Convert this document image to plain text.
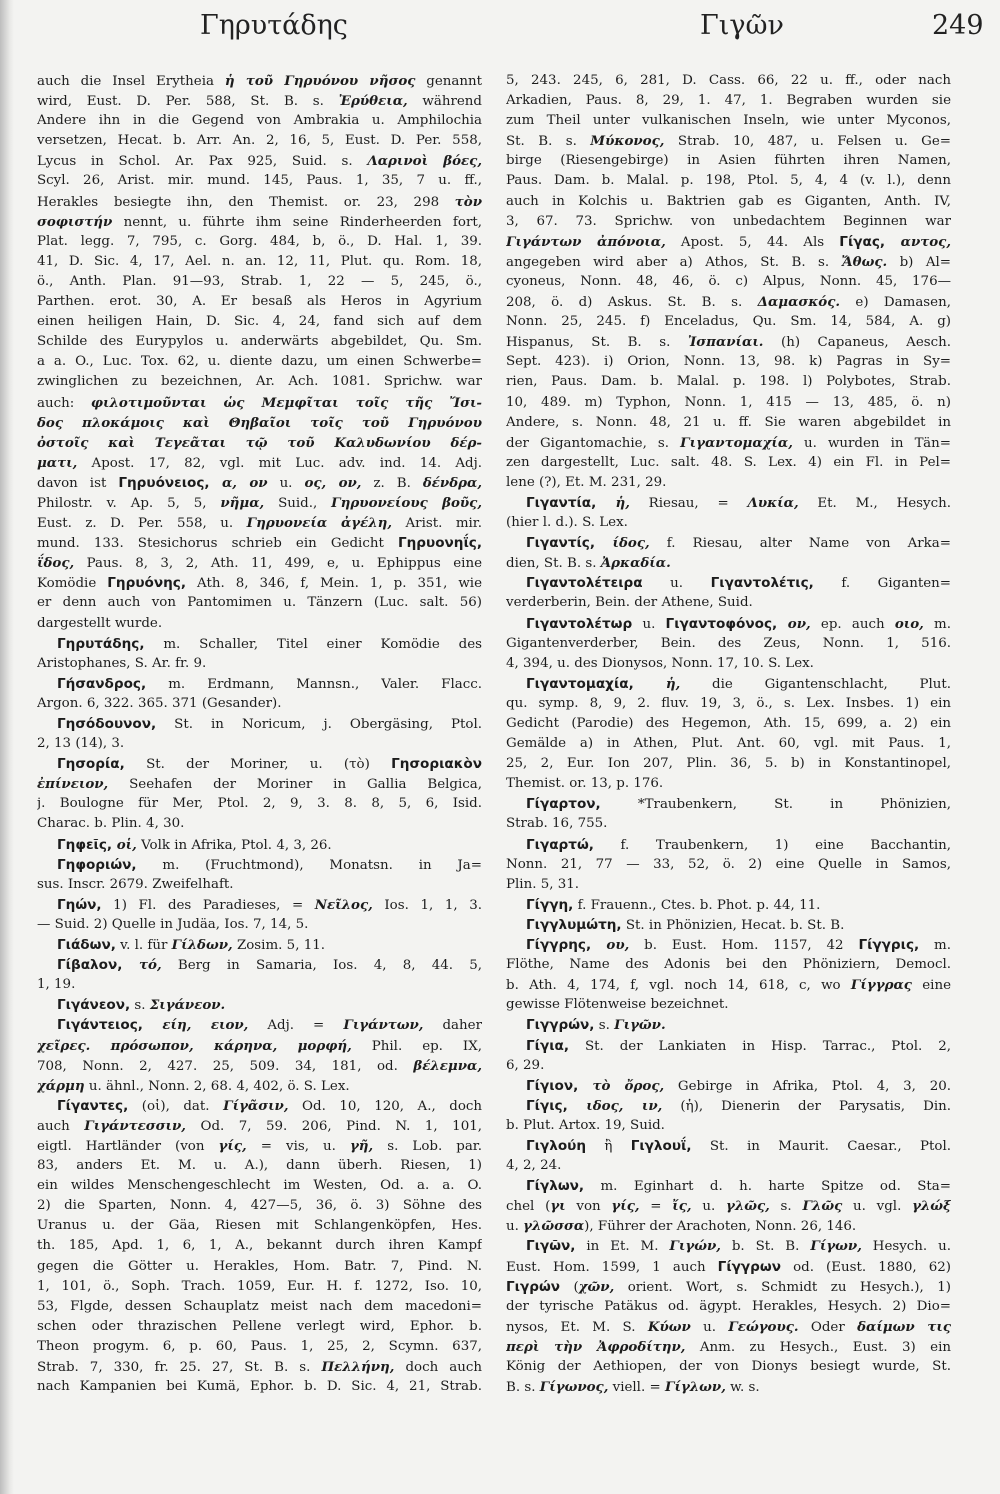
Γηρυτάδης	Γιγῶν	249
auch die Insel Erytheia ἡ τοῦ Γηρυόνου νῆσος genannt
wird, Eust. D. Per. 588, St. B. s. Ἐρύθεια, während
Andere ihn in die Gegend von Ambrakia u. Amphilochia
versetzen, Hecat. b. Arr. An. 2, 16, 5, Eust. D. Per. 558,
Lycus in Schol. Ar. Pax 925, Suid. s. Λαρινοὶ βόες,
Scyl. 26, Arist. mir. mund. 145, Paus. 1, 35, 7 u. ff.,
Herakles besiegte ihn, den Themist. or. 23, 298 τὸν
σοφιστήν nennt, u. führte ihm seine Rinderheerden fort,
Plat. legg. 7, 795, c. Gorg. 484, b, ö., D. Hal. 1, 39.
41, D. Sic. 4, 17, Ael. n. an. 12, 11, Plut. qu. Rom. 18,
ö., Anth. Plan. 91—93, Strab. 1, 22 — 5, 245, ö.,
Parthen. erot. 30, A. Er besaß als Heros in Agyrium
einen heiligen Hain, D. Sic. 4, 24, fand sich auf dem
Schilde des Eurypylos u. anderwärts abgebildet, Qu. Sm.
a a. O., Luc. Tox. 62, u. diente dazu, um einen Schwerbe=
zwinglichen zu bezeichnen, Ar. Ach. 1081. Sprichw. war
auch: φιλοτιμοῦνται ὡς Μεμφῖται τοῖς τῆς Ἴσι-
δος πλοκάμοις καὶ Θηβαῖοι τοῖς τοῦ Γηρυόνου
ὀστοῖς καὶ Τεγεᾶται τῷ τοῦ Καλυδωνίου δέρ-
ματι, Apost. 17, 82, vgl. mit Luc. adv. ind. 14. Adj.
davon ist Γηρυόνειος, α, ον u. ος, ον, z. B. δένδρα,
Philostr. v. Ap. 5, 5, νῆμα, Suid., Γηρυονείους βοῦς,
Eust. z. D. Per. 558, u. Γηρυονεία ἀγέλη, Arist. mir.
mund. 133. Stesichorus schrieb ein Gedicht Γηρυονηΐς,
ΐδος, Paus. 8, 3, 2, Ath. 11, 499, e, u. Ephippus eine
Komödie Γηρυόνης, Ath. 8, 346, f, Mein. 1, p. 351, wie
er denn auch von Pantomimen u. Tänzern (Luc. salt. 56)
dargestellt wurde.
Γηρυτάδης, m. Schaller, Titel einer Komödie des
Aristophanes, S. Ar. fr. 9.
Γήσανδρος, m. Erdmann, Mannsn., Valer. Flacc.
Argon. 6, 322. 365. 371 (Gesander).
Γησόδουνον, St. in Noricum, j. Obergäsing, Ptol.
2, 13 (14), 3.
Γησορία, St. der Moriner, u. (τὸ) Γησοριακὸν
ἐπίνειον, Seehafen der Moriner in Gallia Belgica,
j. Boulogne für Mer, Ptol. 2, 9, 3. 8. 8, 5, 6, Isid.
Charac. b. Plin. 4, 30.
Γηφεῖς, οἱ, Volk in Afrika, Ptol. 4, 3, 26.
Γηφοριών, m. (Fruchtmond), Monatsn. in Ja=
sus. Inscr. 2679. Zweifelhaft.
Γηών, 1) Fl. des Paradieses, = Νεῖλος, Ios. 1, 1, 3.
— Suid. 2) Quelle in Judäa, Ios. 7, 14, 5.
Γιάδων, v. l. für Γίλδων, Zosim. 5, 11.
Γίβαλον, τό, Berg in Samaria, Ios. 4, 8, 44. 5,
1, 19.
Γιγάνεον, s. Σιγάνεον.
Γιγάντειος, είη, ειον, Adj. = Γιγάντων, daher
χεῖρες. πρόσωπον, κάρηνα, μορφή, Phil. ep. IX,
708, Nonn. 2, 427. 25, 509. 34, 181, od. βέλεμνα,
χάρμη u. ähnl., Nonn. 2, 68. 4, 402, ö. S. Lex.
Γίγαντες, (οἱ), dat. Γίγᾶσιν, Od. 10, 120, A., doch
auch Γιγάντεσσιν, Od. 7, 59. 206, Pind. N. 1, 101,
eigtl. Hartländer (von γίς, = vis, u. γῆ, s. Lob. par.
83, anders Et. M. u. A.), dann überh. Riesen, 1)
ein wildes Menschengeschlecht im Westen, Od. a. a. O.
2) die Sparten, Nonn. 4, 427—5, 36, ö. 3) Söhne des
Uranus u. der Gäa, Riesen mit Schlangenköpfen, Hes.
th. 185, Apd. 1, 6, 1, A., bekannt durch ihren Kampf
gegen die Götter u. Herakles, Hom. Batr. 7, Pind. N.
1, 101, ö., Soph. Trach. 1059, Eur. H. f. 1272, Iso. 10,
53, Flgde, dessen Schauplatz meist nach dem macedoni=
schen oder thrazischen Pellene verlegt wird, Ephor. b.
Theon progym. 6, p. 60, Paus. 1, 25, 2, Scymn. 637,
Strab. 7, 330, fr. 25. 27, St. B. s. Πελλήνη, doch auch
nach Kampanien bei Kumä, Ephor. b. D. Sic. 4, 21, Strab.
5, 243. 245, 6, 281, D. Cass. 66, 22 u. ff., oder nach
Arkadien, Paus. 8, 29, 1. 47, 1. Begraben wurden sie
zum Theil unter vulkanischen Inseln, wie unter Myconos,
St. B. s. Μύκονος, Strab. 10, 487, u. Felsen u. Ge=
birge (Riesengebirge) in Asien führten ihren Namen,
Paus. Dam. b. Malal. p. 198, Ptol. 5, 4, 4 (v. l.), denn
auch in Kolchis u. Baktrien gab es Giganten, Anth. IV,
3, 67. 73. Sprichw. von unbedachtem Beginnen war
Γιγάντων ἀπόνοια, Apost. 5, 44. Als Γίγας, αντος,
angegeben wird aber a) Athos, St. B. s. Ἄθως. b) Al=
cyoneus, Nonn. 48, 46, ö. c) Alpus, Nonn. 45, 176—
208, ö. d) Askus. St. B. s. Δαμασκός. e) Damasen,
Nonn. 25, 245. f) Enceladus, Qu. Sm. 14, 584, A. g)
Hispanus, St. B. s. Ἰσπανίαι. (h) Capaneus, Aesch.
Sept. 423). i) Orion, Nonn. 13, 98. k) Pagras in Sy=
rien, Paus. Dam. b. Malal. p. 198. l) Polybotes, Strab.
10, 489. m) Typhon, Nonn. 1, 415 — 13, 485, ö. n)
Andere, s. Nonn. 48, 21 u. ff. Sie waren abgebildet in
der Gigantomachie, s. Γιγαντομαχία, u. wurden in Tän=
zen dargestellt, Luc. salt. 48. S. Lex. 4) ein Fl. in Pel=
lene (?), Et. M. 231, 29.
Γιγαντία, ἡ, Riesau, = Λυκία, Et. M., Hesych.
(hier l. d.). S. Lex.
Γιγαντίς, ίδος, f. Riesau, alter Name von Arka=
dien, St. B. s. Ἀρκαδία.
Γιγαντολέτειρα u. Γιγαντολέτις, f. Giganten=
verderberin, Bein. der Athene, Suid.
Γιγαντολέτωρ u. Γιγαντοφόνος, ον, ep. auch οιο, m.
Gigantenverderber, Bein. des Zeus, Nonn. 1, 516.
4, 394, u. des Dionysos, Nonn. 17, 10. S. Lex.
Γιγαντομαχία, ἡ, die Gigantenschlacht, Plut.
qu. symp. 8, 9, 2. fluv. 19, 3, ö., s. Lex. Insbes. 1) ein
Gedicht (Parodie) des Hegemon, Ath. 15, 699, a. 2) ein
Gemälde a) in Athen, Plut. Ant. 60, vgl. mit Paus. 1,
25, 2, Eur. Ion 207, Plin. 36, 5. b) in Konstantinopel,
Themist. or. 13, p. 176.
Γίγαρτον, *Traubenkern, St. in Phönizien,
Strab. 16, 755.
Γιγαρτώ, f. Traubenkern, 1) eine Bacchantin,
Nonn. 21, 77 — 33, 52, ö. 2) eine Quelle in Samos,
Plin. 5, 31.
Γίγγη, f. Frauenn., Ctes. b. Phot. p. 44, 11.
Γιγγλυμώτη, St. in Phönizien, Hecat. b. St. B.
Γίγγρης, ου, b. Eust. Hom. 1157, 42 Γίγγρις, m.
Flöthe, Name des Adonis bei den Phöniziern, Democl.
b. Ath. 4, 174, f, vgl. noch 14, 618, c, wo Γίγγρας eine
gewisse Flötenweise bezeichnet.
Γιγγρών, s. Γιγῶν.
Γίγια, St. der Lankiaten in Hisp. Tarrac., Ptol. 2,
6, 29.
Γίγιον, τὸ ὄρος, Gebirge in Afrika, Ptol. 4, 3, 20.
Γίγις, ιδος, ιν, (ἡ), Dienerin der Parysatis, Din.
b. Plut. Artox. 19, Suid.
Γιγλούη ἢ Γιγλουΐ, St. in Maurit. Caesar., Ptol.
4, 2, 24.
Γίγλων, m. Eginhart d. h. harte Spitze od. Sta=
chel (γι von γίς, = ἴς, u. γλῶς, s. Γλῶς u. vgl. γλώξ
u. γλῶσσα), Führer der Arachoten, Nonn. 26, 146.
Γιγῶν, in Et. M. Γιγών, b. St. B. Γίγων, Hesych. u.
Eust. Hom. 1599, 1 auch Γίγγρων od. (Eust. 1880, 62)
Γιγρών (χῶν, orient. Wort, s. Schmidt zu Hesych.), 1)
der tyrische Patäkus od. ägypt. Herakles, Hesych. 2) Dio=
nysos, Et. M. S. Κύων u. Γεώγους. Oder δαίμων τις
περὶ τὴν Ἀφροδίτην, Anm. zu Hesych., Eust. 3) ein
König der Aethiopen, der von Dionys besiegt wurde, St.
B. s. Γίγωνος, viell. = Γίγλων, w. s.
